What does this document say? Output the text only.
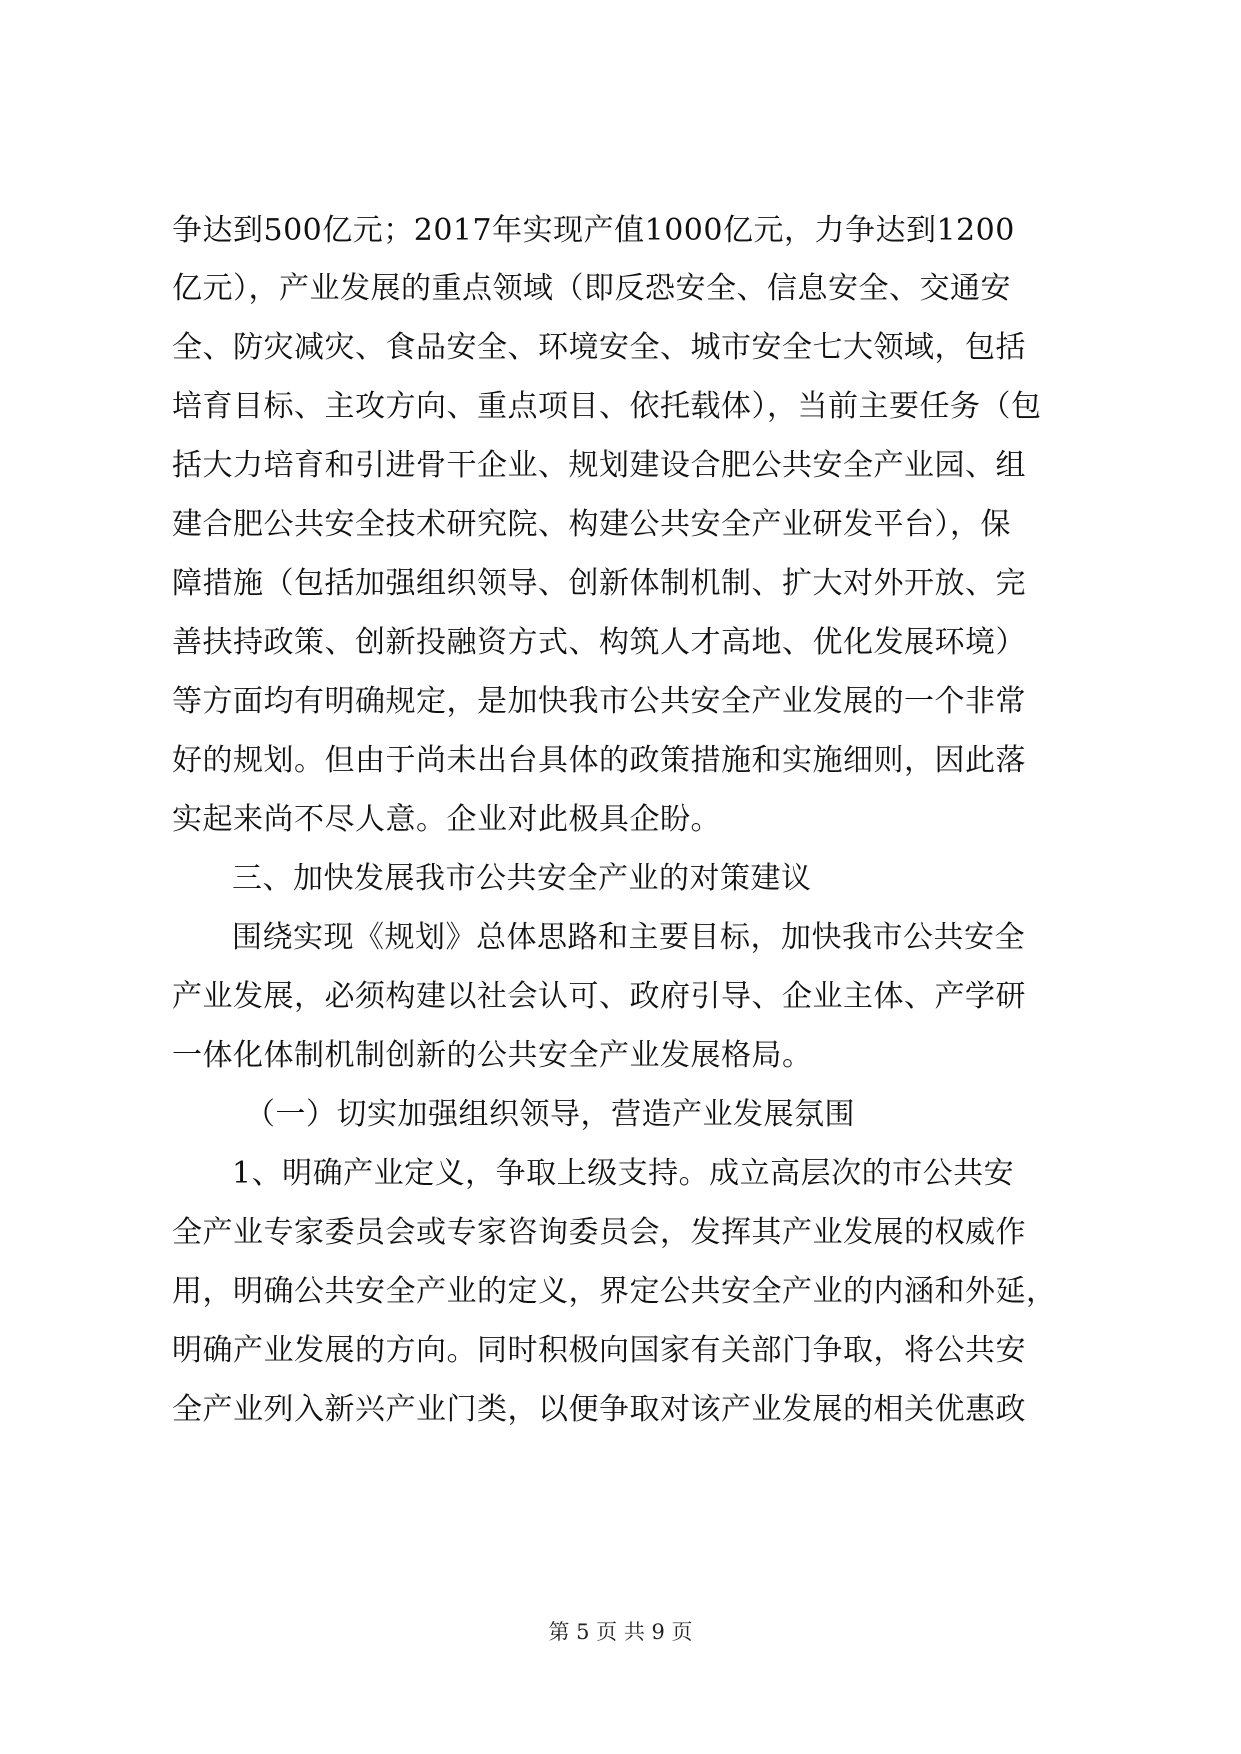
争达到500亿元；2017年实现产值1000亿元，力争达到1200
亿元），产业发展的重点领域（即反恐安全、信息安全、交通安
全、防灾减灾、食品安全、环境安全、城市安全七大领域，包括
培育目标、主攻方向、重点项目、依托载体），当前主要任务（包
括大力培育和引进骨干企业、规划建设合肥公共安全产业园、组
建合肥公共安全技术研究院、构建公共安全产业研发平台），保
障措施（包括加强组织领导、创新体制机制、扩大对外开放、完
善扶持政策、创新投融资方式、构筑人才高地、优化发展环境）
等方面均有明确规定，是加快我市公共安全产业发展的一个非常
好的规划。但由于尚未出台具体的政策措施和实施细则，因此落
实起来尚不尽人意。企业对此极具企盼。
三、加快发展我市公共安全产业的对策建议
围绕实现《规划》总体思路和主要目标，加快我市公共安全
产业发展，必须构建以社会认可、政府引导、企业主体、产学研
一体化体制机制创新的公共安全产业发展格局。
（一）切实加强组织领导，营造产业发展氛围
1、明确产业定义，争取上级支持。成立高层次的市公共安
全产业专家委员会或专家咨询委员会，发挥其产业发展的权威作
用，明确公共安全产业的定义，界定公共安全产业的内涵和外延，
明确产业发展的方向。同时积极向国家有关部门争取，将公共安
全产业列入新兴产业门类，以便争取对该产业发展的相关优惠政
第 5 页 共 9 页
